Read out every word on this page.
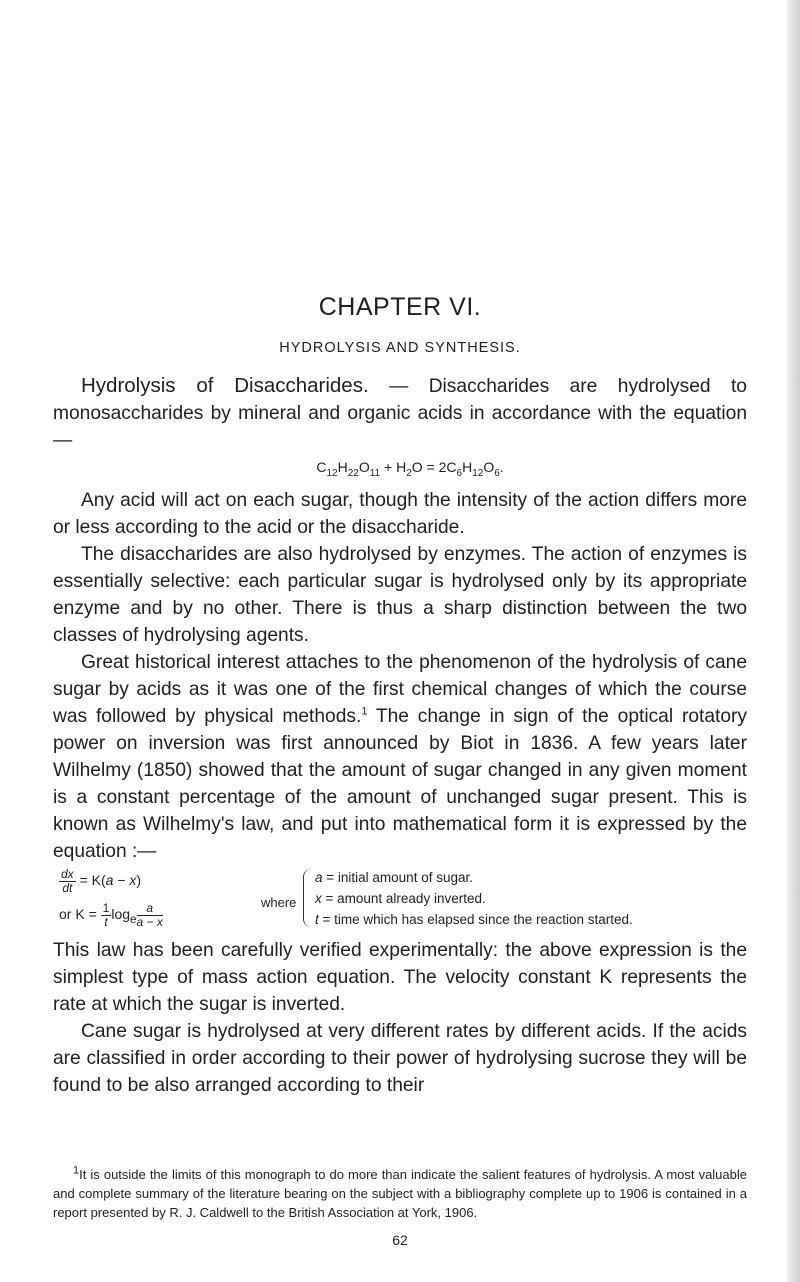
CHAPTER VI.
HYDROLYSIS AND SYNTHESIS.

Hydrolysis of Disaccharides. — Disaccharides are hydrolysed to monosaccharides by mineral and organic acids in accordance with the equation—

$C_{12}H_{22}O_{11} + H_2O = 2C_6H_{12}O_6$.

Any acid will act on each sugar, though the intensity of the action differs more or less according to the acid or the disaccharide.

The disaccharides are also hydrolysed by enzymes. The action of enzymes is essentially selective: each particular sugar is hydrolysed only by its appropriate enzyme and by no other. There is thus a sharp distinction between the two classes of hydrolysing agents.

Great historical interest attaches to the phenomenon of the hydrolysis of cane sugar by acids as it was one of the first chemical changes of which the course was followed by physical methods.$^1$ The change in sign of the optical rotatory power on inversion was first announced by Biot in 1836. A few years later Wilhelmy (1850) showed that the amount of sugar changed in any given moment is a constant percentage of the amount of unchanged sugar present. This is known as Wilhelmy's law, and put into mathematical form it is expressed by the equation :—

$\frac{dx}{dt} = K(a - x)$
or $K = \frac{1}{t} \log_e \frac{a}{a - x}$	where
a = initial amount of sugar.
x = amount already inverted.
t = time which has elapsed since the reaction started.

This law has been carefully verified experimentally: the above expression is the simplest type of mass action equation. The velocity constant K represents the rate at which the sugar is inverted.

Cane sugar is hydrolysed at very different rates by different acids. If the acids are classified in order according to their power of hydrolysing sucrose they will be found to be also arranged according to their

$^1$It is outside the limits of this monograph to do more than indicate the salient features of hydrolysis. A most valuable and complete summary of the literature bearing on the subject with a bibliography complete up to 1906 is contained in a report presented by R. J. Caldwell to the British Association at York, 1906.

62
